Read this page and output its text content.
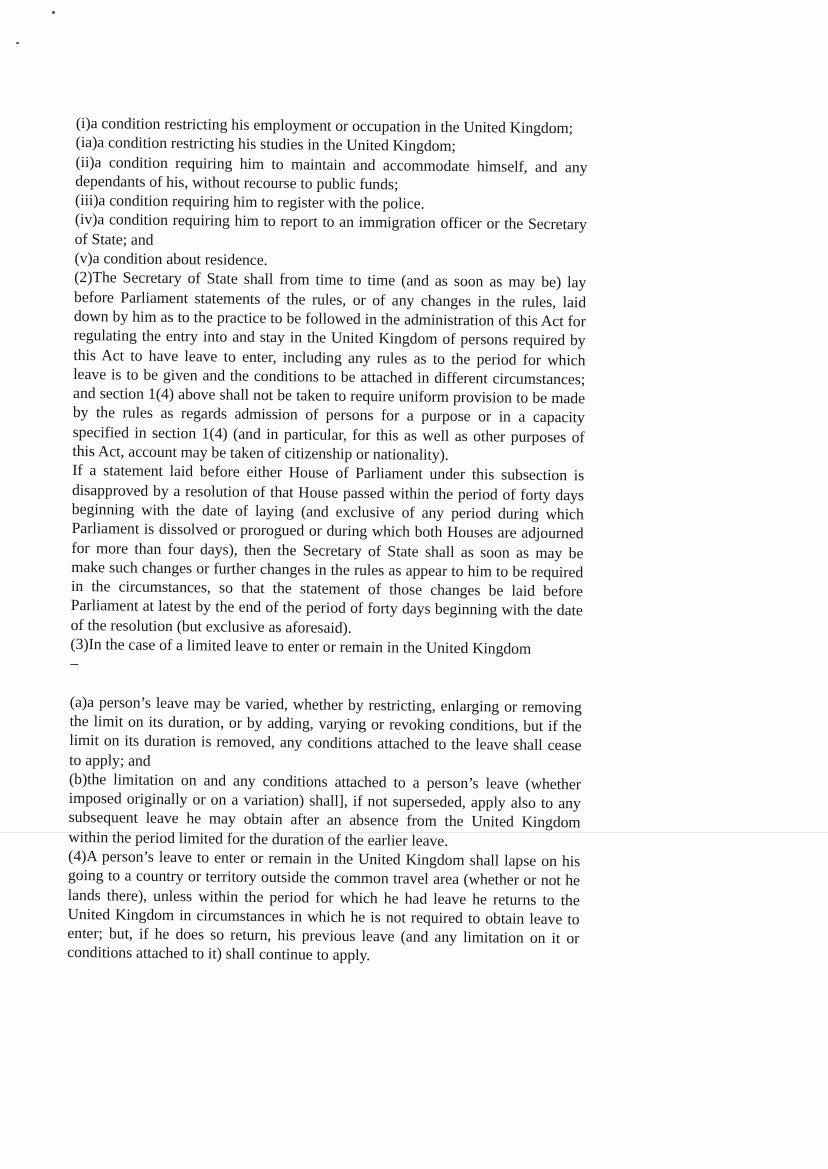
(i)a condition restricting his employment or occupation in the United Kingdom;

(ia)a condition restricting his studies in the United Kingdom;

(ii)a condition requiring him to maintain and accommodate himself, and any dependants of his, without recourse to public funds;

(iii)a condition requiring him to register with the police.

(iv)a condition requiring him to report to an immigration officer or the Secretary of State; and

(v)a condition about residence.

(2)The Secretary of State shall from time to time (and as soon as may be) lay before Parliament statements of the rules, or of any changes in the rules, laid down by him as to the practice to be followed in the administration of this Act for regulating the entry into and stay in the United Kingdom of persons required by this Act to have leave to enter, including any rules as to the period for which leave is to be given and the conditions to be attached in different circumstances; and section 1(4) above shall not be taken to require uniform provision to be made by the rules as regards admission of persons for a purpose or in a capacity specified in section 1(4) (and in particular, for this as well as other purposes of this Act, account may be taken of citizenship or nationality).

If a statement laid before either House of Parliament under this subsection is disapproved by a resolution of that House passed within the period of forty days beginning with the date of laying (and exclusive of any period during which Parliament is dissolved or prorogued or during which both Houses are adjourned for more than four days), then the Secretary of State shall as soon as may be make such changes or further changes in the rules as appear to him to be required in the circumstances, so that the statement of those changes be laid before Parliament at latest by the end of the period of forty days beginning with the date of the resolution (but exclusive as aforesaid).

(3)In the case of a limited leave to enter or remain in the United Kingdom

–

(a)a person’s leave may be varied, whether by restricting, enlarging or removing the limit on its duration, or by adding, varying or revoking conditions, but if the limit on its duration is removed, any conditions attached to the leave shall cease to apply; and

(b)the limitation on and any conditions attached to a person’s leave (whether imposed originally or on a variation) shall], if not superseded, apply also to any subsequent leave he may obtain after an absence from the United Kingdom within the period limited for the duration of the earlier leave.

(4)A person’s leave to enter or remain in the United Kingdom shall lapse on his going to a country or territory outside the common travel area (whether or not he lands there), unless within the period for which he had leave he returns to the United Kingdom in circumstances in which he is not required to obtain leave to enter; but, if he does so return, his previous leave (and any limitation on it or conditions attached to it) shall continue to apply.
